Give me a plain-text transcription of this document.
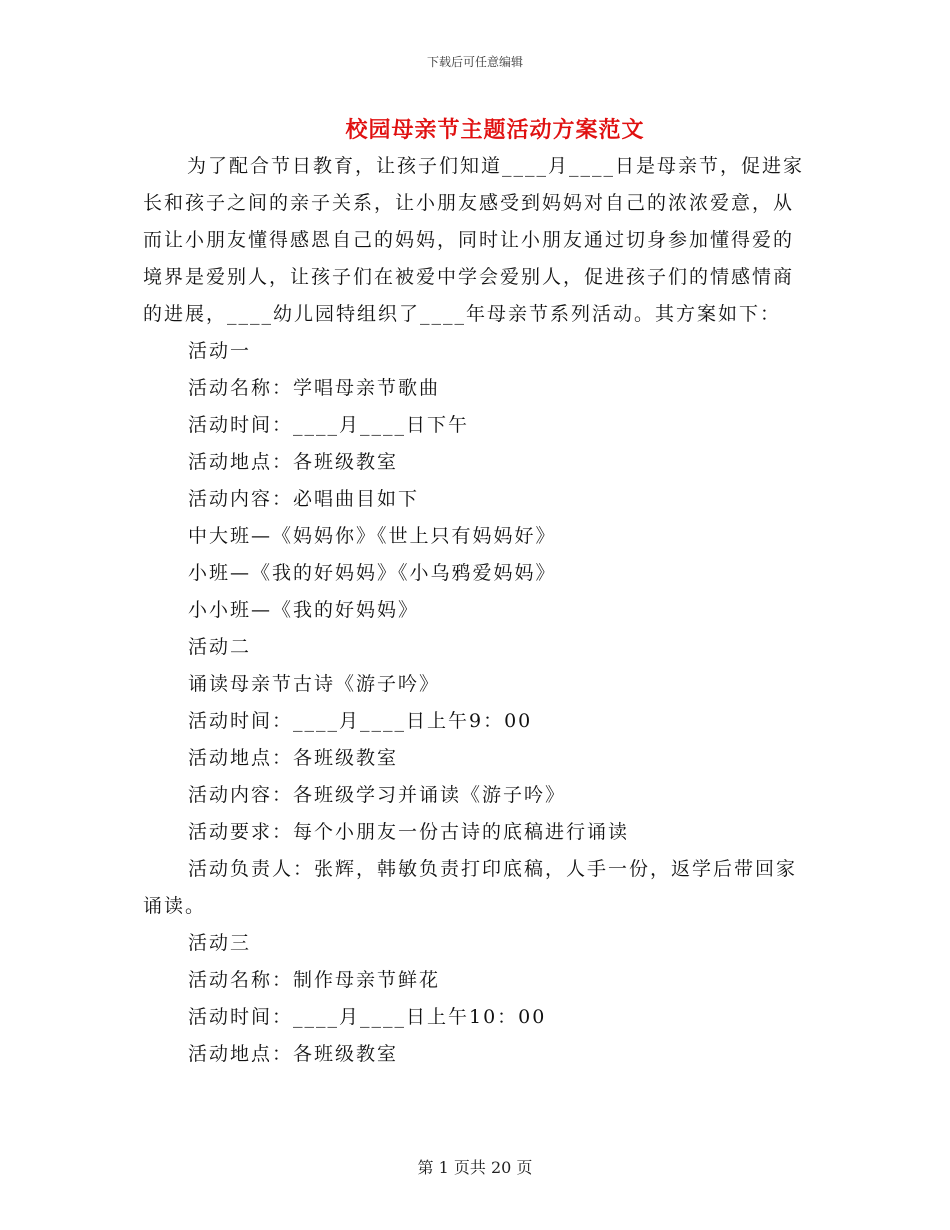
下载后可任意编辑
校园母亲节主题活动方案范文

为了配合节日教育，让孩子们知道____月____日是母亲节，促进家长和孩子之间的亲子关系，让小朋友感受到妈妈对自己的浓浓爱意，从而让小朋友懂得感恩自己的妈妈，同时让小朋友通过切身参加懂得爱的境界是爱别人，让孩子们在被爱中学会爱别人，促进孩子们的情感情商的进展，____幼儿园特组织了____年母亲节系列活动。其方案如下：

活动一

活动名称：学唱母亲节歌曲

活动时间：____月____日下午

活动地点：各班级教室

活动内容：必唱曲目如下

中大班—《妈妈你》《世上只有妈妈好》

小班—《我的好妈妈》《小乌鸦爱妈妈》

小小班—《我的好妈妈》

活动二

诵读母亲节古诗《游子吟》

活动时间：____月____日上午9：00

活动地点：各班级教室

活动内容：各班级学习并诵读《游子吟》

活动要求：每个小朋友一份古诗的底稿进行诵读

活动负责人：张辉，韩敏负责打印底稿，人手一份，返学后带回家诵读。

活动三

活动名称：制作母亲节鲜花

活动时间：____月____日上午10：00

活动地点：各班级教室

第 1 页共 20 页
